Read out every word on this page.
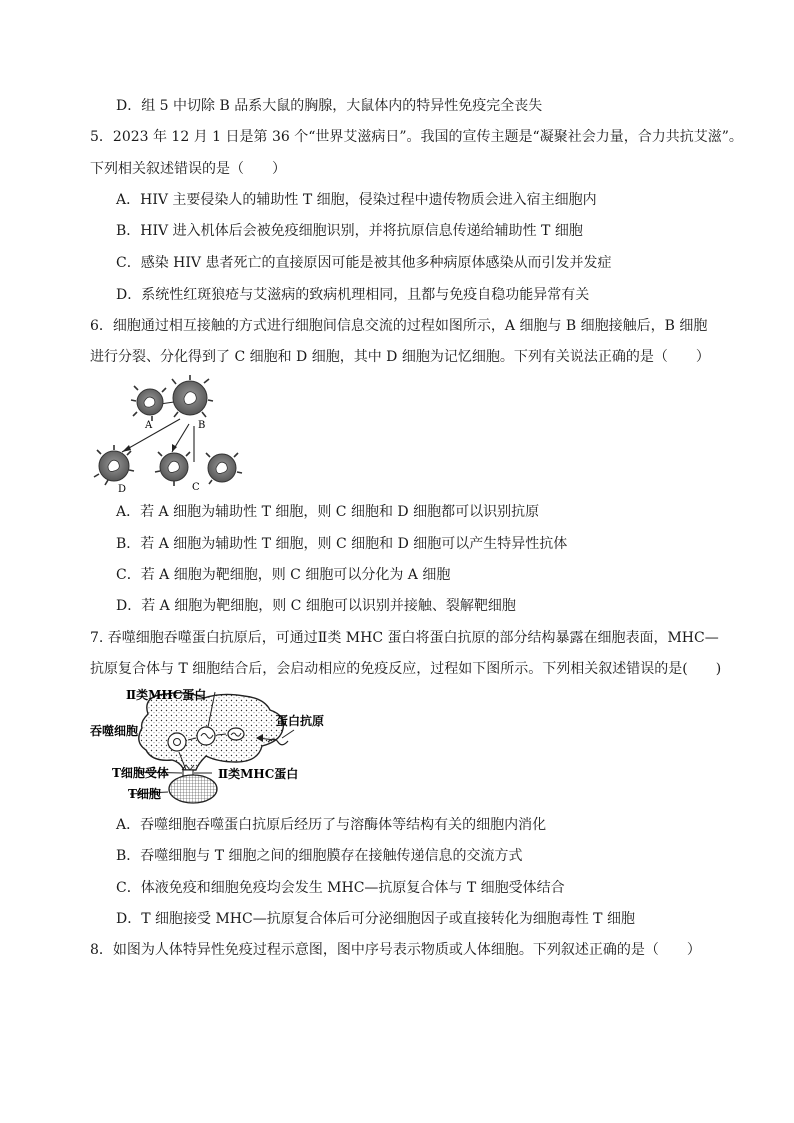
D．组 5 中切除 B 品系大鼠的胸腺，大鼠体内的特异性免疫完全丧失
5．2023 年 12 月 1 日是第 36 个“世界艾滋病日”。我国的宣传主题是“凝聚社会力量，合力共抗艾滋”。
下列相关叙述错误的是（　　）
A．HIV 主要侵染人的辅助性 T 细胞，侵染过程中遗传物质会进入宿主细胞内
B．HIV 进入机体后会被免疫细胞识别，并将抗原信息传递给辅助性 T 细胞
C．感染 HIV 患者死亡的直接原因可能是被其他多种病原体感染从而引发并发症
D．系统性红斑狼疮与艾滋病的致病机理相同，且都与免疫自稳功能异常有关
6．细胞通过相互接触的方式进行细胞间信息交流的过程如图所示，A 细胞与 B 细胞接触后，B 细胞
进行分裂、分化得到了 C 细胞和 D 细胞，其中 D 细胞为记忆细胞。下列有关说法正确的是（　　）
A	B
D	C
A．若 A 细胞为辅助性 T 细胞，则 C 细胞和 D 细胞都可以识别抗原
B．若 A 细胞为辅助性 T 细胞，则 C 细胞和 D 细胞可以产生特异性抗体
C．若 A 细胞为靶细胞，则 C 细胞可以分化为 A 细胞
D．若 A 细胞为靶细胞，则 C 细胞可以识别并接触、裂解靶细胞
7. 吞噬细胞吞噬蛋白抗原后，可通过Ⅱ类 MHC 蛋白将蛋白抗原的部分结构暴露在细胞表面，MHC—
抗原复合体与 T 细胞结合后，会启动相应的免疫反应，过程如下图所示。下列相关叙述错误的是(　　)
Ⅱ类MHC蛋白
吞噬细胞
蛋白抗原
T细胞受体	Ⅱ类MHC蛋白
T细胞
A．吞噬细胞吞噬蛋白抗原后经历了与溶酶体等结构有关的细胞内消化
B．吞噬细胞与 T 细胞之间的细胞膜存在接触传递信息的交流方式
C．体液免疫和细胞免疫均会发生 MHC—抗原复合体与 T 细胞受体结合
D．T 细胞接受 MHC—抗原复合体后可分泌细胞因子或直接转化为细胞毒性 T 细胞
8．如图为人体特异性免疫过程示意图，图中序号表示物质或人体细胞。下列叙述正确的是（　　）
